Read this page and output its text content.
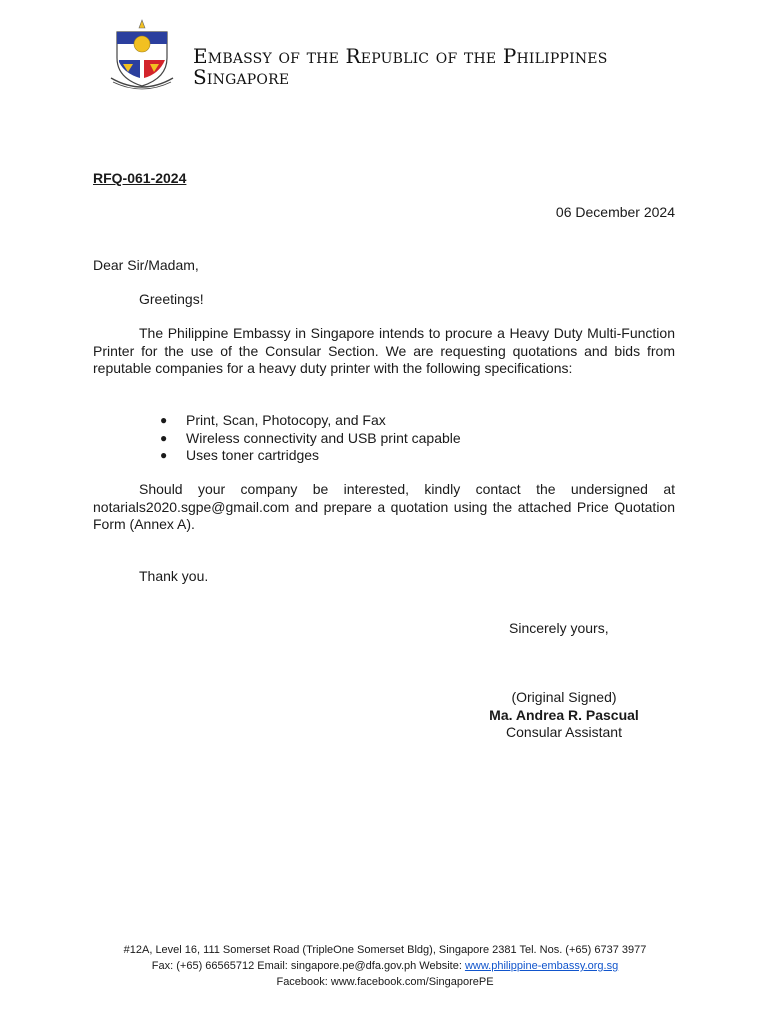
Embassy of the Republic of the Philippines
Singapore
RFQ-061-2024
06 December 2024
Dear Sir/Madam,
Greetings!
The Philippine Embassy in Singapore intends to procure a Heavy Duty Multi-Function Printer for the use of the Consular Section. We are requesting quotations and bids from reputable companies for a heavy duty printer with the following specifications:
● Print, Scan, Photocopy, and Fax
● Wireless connectivity and USB print capable
● Uses toner cartridges
Should your company be interested, kindly contact the undersigned at notarials2020.sgpe@gmail.com and prepare a quotation using the attached Price Quotation Form (Annex A).
Thank you.
Sincerely yours,
(Original Signed)
Ma. Andrea R. Pascual
Consular Assistant
#12A, Level 16, 111 Somerset Road (TripleOne Somerset Bldg), Singapore 2381 Tel. Nos. (+65) 6737 3977
Fax: (+65) 66565712 Email: singapore.pe@dfa.gov.ph Website: www.philippine-embassy.org.sg
Facebook: www.facebook.com/SingaporePE
